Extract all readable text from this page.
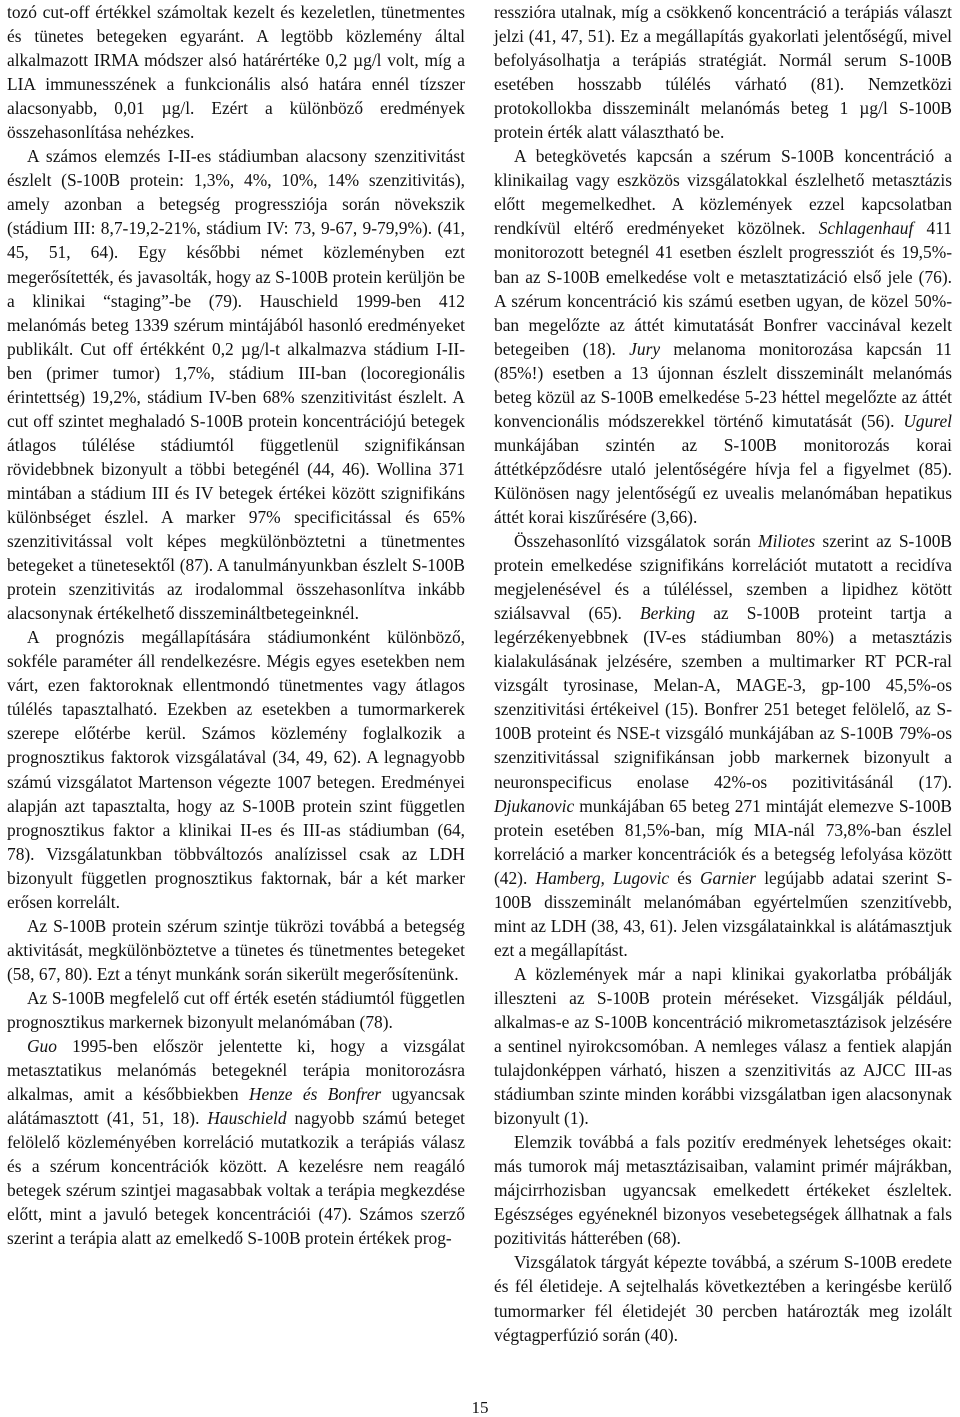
tozó cut-off értékkel számoltak kezelt és kezeletlen, tünetmentes és tünetes betegeken egyaránt. A legtöbb közlemény által alkalmazott IRMA módszer alsó határértéke 0,2 µg/l volt, míg a LIA immunesszének a funkcionális alsó határa ennél tízszer alacsonyabb, 0,01 µg/l. Ezért a különböző eredmények összehasonlítása nehézkes.

A számos elemzés I-II-es stádiumban alacsony szenzitivitást észlelt (S-100B protein: 1,3%, 4%, 10%, 14% szenzitivitás), amely azonban a betegség progressziója során növekszik (stádium III: 8,7-19,2-21%, stádium IV: 73, 9-67, 9-79,9%). (41, 45, 51, 64). Egy későbbi német közleményben ezt megerősítették, és javasolták, hogy az S-100B protein kerüljön be a klinikai “staging”-be (79). Hauschield 1999-ben 412 melanómás beteg 1339 szérum mintájából hasonló eredményeket publikált. Cut off értékként 0,2 µg/l-t alkalmazva stádium I-II-ben (primer tumor) 1,7%, stádium III-ban (locoregionális érintettség) 19,2%, stádium IV-ben 68% szenzitivitást észlelt. A cut off szintet meghaladó S-100B protein koncentrációjú betegek átlagos túlélése stádiumtól függetlenül szignifikánsan rövidebbnek bizonyult a többi betegénél (44, 46). Wollina 371 mintában a stádium III és IV betegek értékei között szignifikáns különbséget észlel. A marker 97% specificitással és 65% szenzitivitással volt képes megkülönböztetni a tünetmentes betegeket a tünetesektől (87). A tanulmányunkban észlelt S-100B protein szenzitivitás az irodalommal összehasonlítva inkább alacsonynak értékelhető disszemináltbetegeinknél.

A prognózis megállapítására stádiumonként különböző, sokféle paraméter áll rendelkezésre. Mégis egyes esetekben nem várt, ezen faktoroknak ellentmondó tünetmentes vagy átlagos túlélés tapasztalható. Ezekben az esetekben a tumormarkerek szerepe előtérbe kerül. Számos közlemény foglalkozik a prognosztikus faktorok vizsgálatával (34, 49, 62). A legnagyobb számú vizsgálatot Martenson végezte 1007 betegen. Eredményei alapján azt tapasztalta, hogy az S-100B protein szint független prognosztikus faktor a klinikai II-es és III-as stádiumban (64, 78). Vizsgálatunkban többváltozós analízissel csak az LDH bizonyult független prognosztikus faktornak, bár a két marker erősen korrelált.

Az S-100B protein szérum szintje tükrözi továbbá a betegség aktivitását, megkülönböztetve a tünetes és tünetmentes betegeket (58, 67, 80). Ezt a tényt munkánk során sikerült megerősítenünk.

Az S-100B megfelelő cut off érték esetén stádiumtól független prognosztikus markernek bizonyult melanómában (78).

Guo 1995-ben először jelentette ki, hogy a vizsgálat metasztatikus melanómás betegeknél terápia monitorozásra alkalmas, amit a későbbiekben Henze és Bonfrer ugyancsak alátámasztott (41, 51, 18). Hauschield nagyobb számú beteget felölelő közleményében korreláció mutatkozik a terápiás válasz és a szérum koncentrációk között. A kezelésre nem reagáló betegek szérum szintjei magasabbak voltak a terápia megkezdése előtt, mint a javuló betegek koncentrációi (47). Számos szerző szerint a terápia alatt az emelkedő S-100B protein értékek prog-

resszióra utalnak, míg a csökkenő koncentráció a terápiás választ jelzi (41, 47, 51). Ez a megállapítás gyakorlati jelentőségű, mivel befolyásolhatja a terápiás stratégiát. Normál serum S-100B esetében hosszabb túlélés várható (81). Nemzetközi protokollokba disszeminált melanómás beteg 1 µg/l S-100B protein érték alatt választható be.

A betegkövetés kapcsán a szérum S-100B koncentráció a klinikailag vagy eszközös vizsgálatokkal észlelhető metasztázis előtt megemelkedhet. A közlemények ezzel kapcsolatban rendkívül eltérő eredményeket közölnek. Schlagenhauf 411 monitorozott betegnél 41 esetben észlelt progressziót és 19,5%-ban az S-100B emelkedése volt e metasztatizáció első jele (76). A szérum koncentráció kis számú esetben ugyan, de közel 50%-ban megelőzte az áttét kimutatását Bonfrer vaccinával kezelt betegeiben (18). Jury melanoma monitorozása kapcsán 11 (85%!) esetben a 13 újonnan észlelt disszeminált melanómás beteg közül az S-100B emelkedése 5-23 héttel megelőzte az áttét konvencionális módszerekkel történő kimutatását (56). Ugurel munkájában szintén az S-100B monitorozás korai áttétképződésre utaló jelentőségére hívja fel a figyelmet (85). Különösen nagy jelentőségű ez uvealis melanómában hepatikus áttét korai kiszűrésére (3,66).

Összehasonlító vizsgálatok során Miliotes szerint az S-100B protein emelkedése szignifikáns korrelációt mutatott a recidíva megjelenésével és a túléléssel, szemben a lipidhez kötött sziálsavval (65). Berking az S-100B proteint tartja a legérzékenyebbnek (IV-es stádiumban 80%) a metasztázis kialakulásának jelzésére, szemben a multimarker RT PCR-ral vizsgált tyrosinase, Melan-A, MAGE-3, gp-100 45,5%-os szenzitivitási értékeivel (15). Bonfrer 251 beteget felölelő, az S-100B proteint és NSE-t vizsgáló munkájában az S-100B 79%-os szenzitivitással szignifikánsan jobb markernek bizonyult a neuronspecificus enolase 42%-os pozitivitásánál (17). Djukanovic munkájában 65 beteg 271 mintáját elemezve S-100B protein esetében 81,5%-ban, míg MIA-nál 73,8%-ban észlel korreláció a marker koncentrációk és a betegség lefolyása között (42). Hamberg, Lugovic és Garnier legújabb adatai szerint S-100B disszeminált melanómában egyértelműen szenzitívebb, mint az LDH (38, 43, 61). Jelen vizsgálatainkkal is alátámasztjuk ezt a megállapítást.

A közlemények már a napi klinikai gyakorlatba próbálják illeszteni az S-100B protein méréseket. Vizsgálják például, alkalmas-e az S-100B koncentráció mikrometasztázisok jelzésére a sentinel nyirokcsomóban. A nemleges válasz a fentiek alapján tulajdonképpen várható, hiszen a szenzitivitás az AJCC III-as stádiumban szinte minden korábbi vizsgálatban igen alacsonynak bizonyult (1).

Elemzik továbbá a fals pozitív eredmények lehetséges okait: más tumorok máj metasztázisaiban, valamint primér májrákban, májcirrhozisban ugyancsak emelkedett értékeket észleltek. Egészséges egyéneknél bizonyos vesebetegségek állhatnak a fals pozitivitás hátterében (68).

Vizsgálatok tárgyát képezte továbbá, a szérum S-100B eredete és fél életideje. A sejtelhalás következtében a keringésbe kerülő tumormarker fél életidejét 30 percben határozták meg izolált végtagperfúzió során (40).

15
